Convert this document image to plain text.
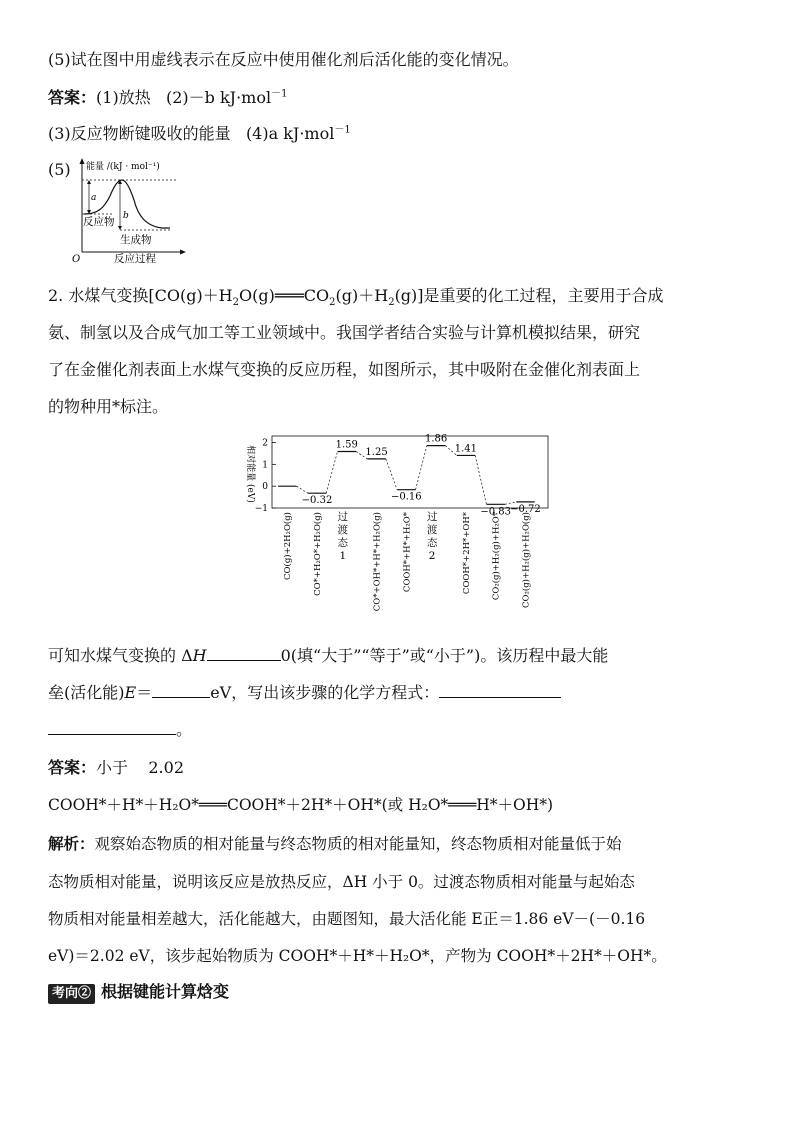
(5)试在图中用虚线表示在反应中使用催化剂后活化能的变化情况。
答案：(1)放热 (2)－b kJ·mol$^{-1}$
(3)反应物断键吸收的能量 (4)a kJ·mol$^{-1}$
(5) 能量 /(kJ · mol⁻¹)
a
b
反应物
生成物
O	反应过程
2. 水煤气变换$[CO(g)+H_2O(g)═══CO_2(g)+H_2(g)]$是重要的化工过程，主要用于合成
氨、制氢以及合成气加工等工业领域中。我国学者结合实验与计算机模拟结果，研究
了在金催化剂表面上水煤气变换的反应历程，如图所示，其中吸附在金催化剂表面上
的物种用*标注。
2
1
0
−1
CO(g)+2H₂O(g)
−0.32
CO*+H₂O*+H₂O(g)
1.59
过渡态 1
1.25
CO*+OH*+H*+H₂O(g)
−0.16
COOH*+H*+H₂O*
1.86
过渡态 2
1.41
COOH*+2H*+OH*
−0.83
CO₂(g)+H₂(g)+H₂O*
−0.72
CO₂(g)+H₂(g)+H₂O(g)
相对能量 (eV)
可知水煤气变换的 ΔH	0(填“大于”“等于”或“小于”)。该历程中最大能
垒(活化能)E＝	eV，写出该步骤的化学方程式：
。
答案：小于 2.02
COOH*＋H*＋H₂O*═══COOH*＋2H*＋OH*(或 H₂O*═══H*＋OH*)
解析：观察始态物质的相对能量与终态物质的相对能量知，终态物质相对能量低于始
态物质相对能量，说明该反应是放热反应，ΔH 小于 0。过渡态物质相对能量与起始态
物质相对能量相差越大，活化能越大，由题图知，最大活化能 E正＝1.86 eV－(－0.16
eV)＝2.02 eV，该步起始物质为 COOH*＋H*＋H₂O*，产物为 COOH*＋2H*＋OH*。
考向② 根据键能计算焓变
